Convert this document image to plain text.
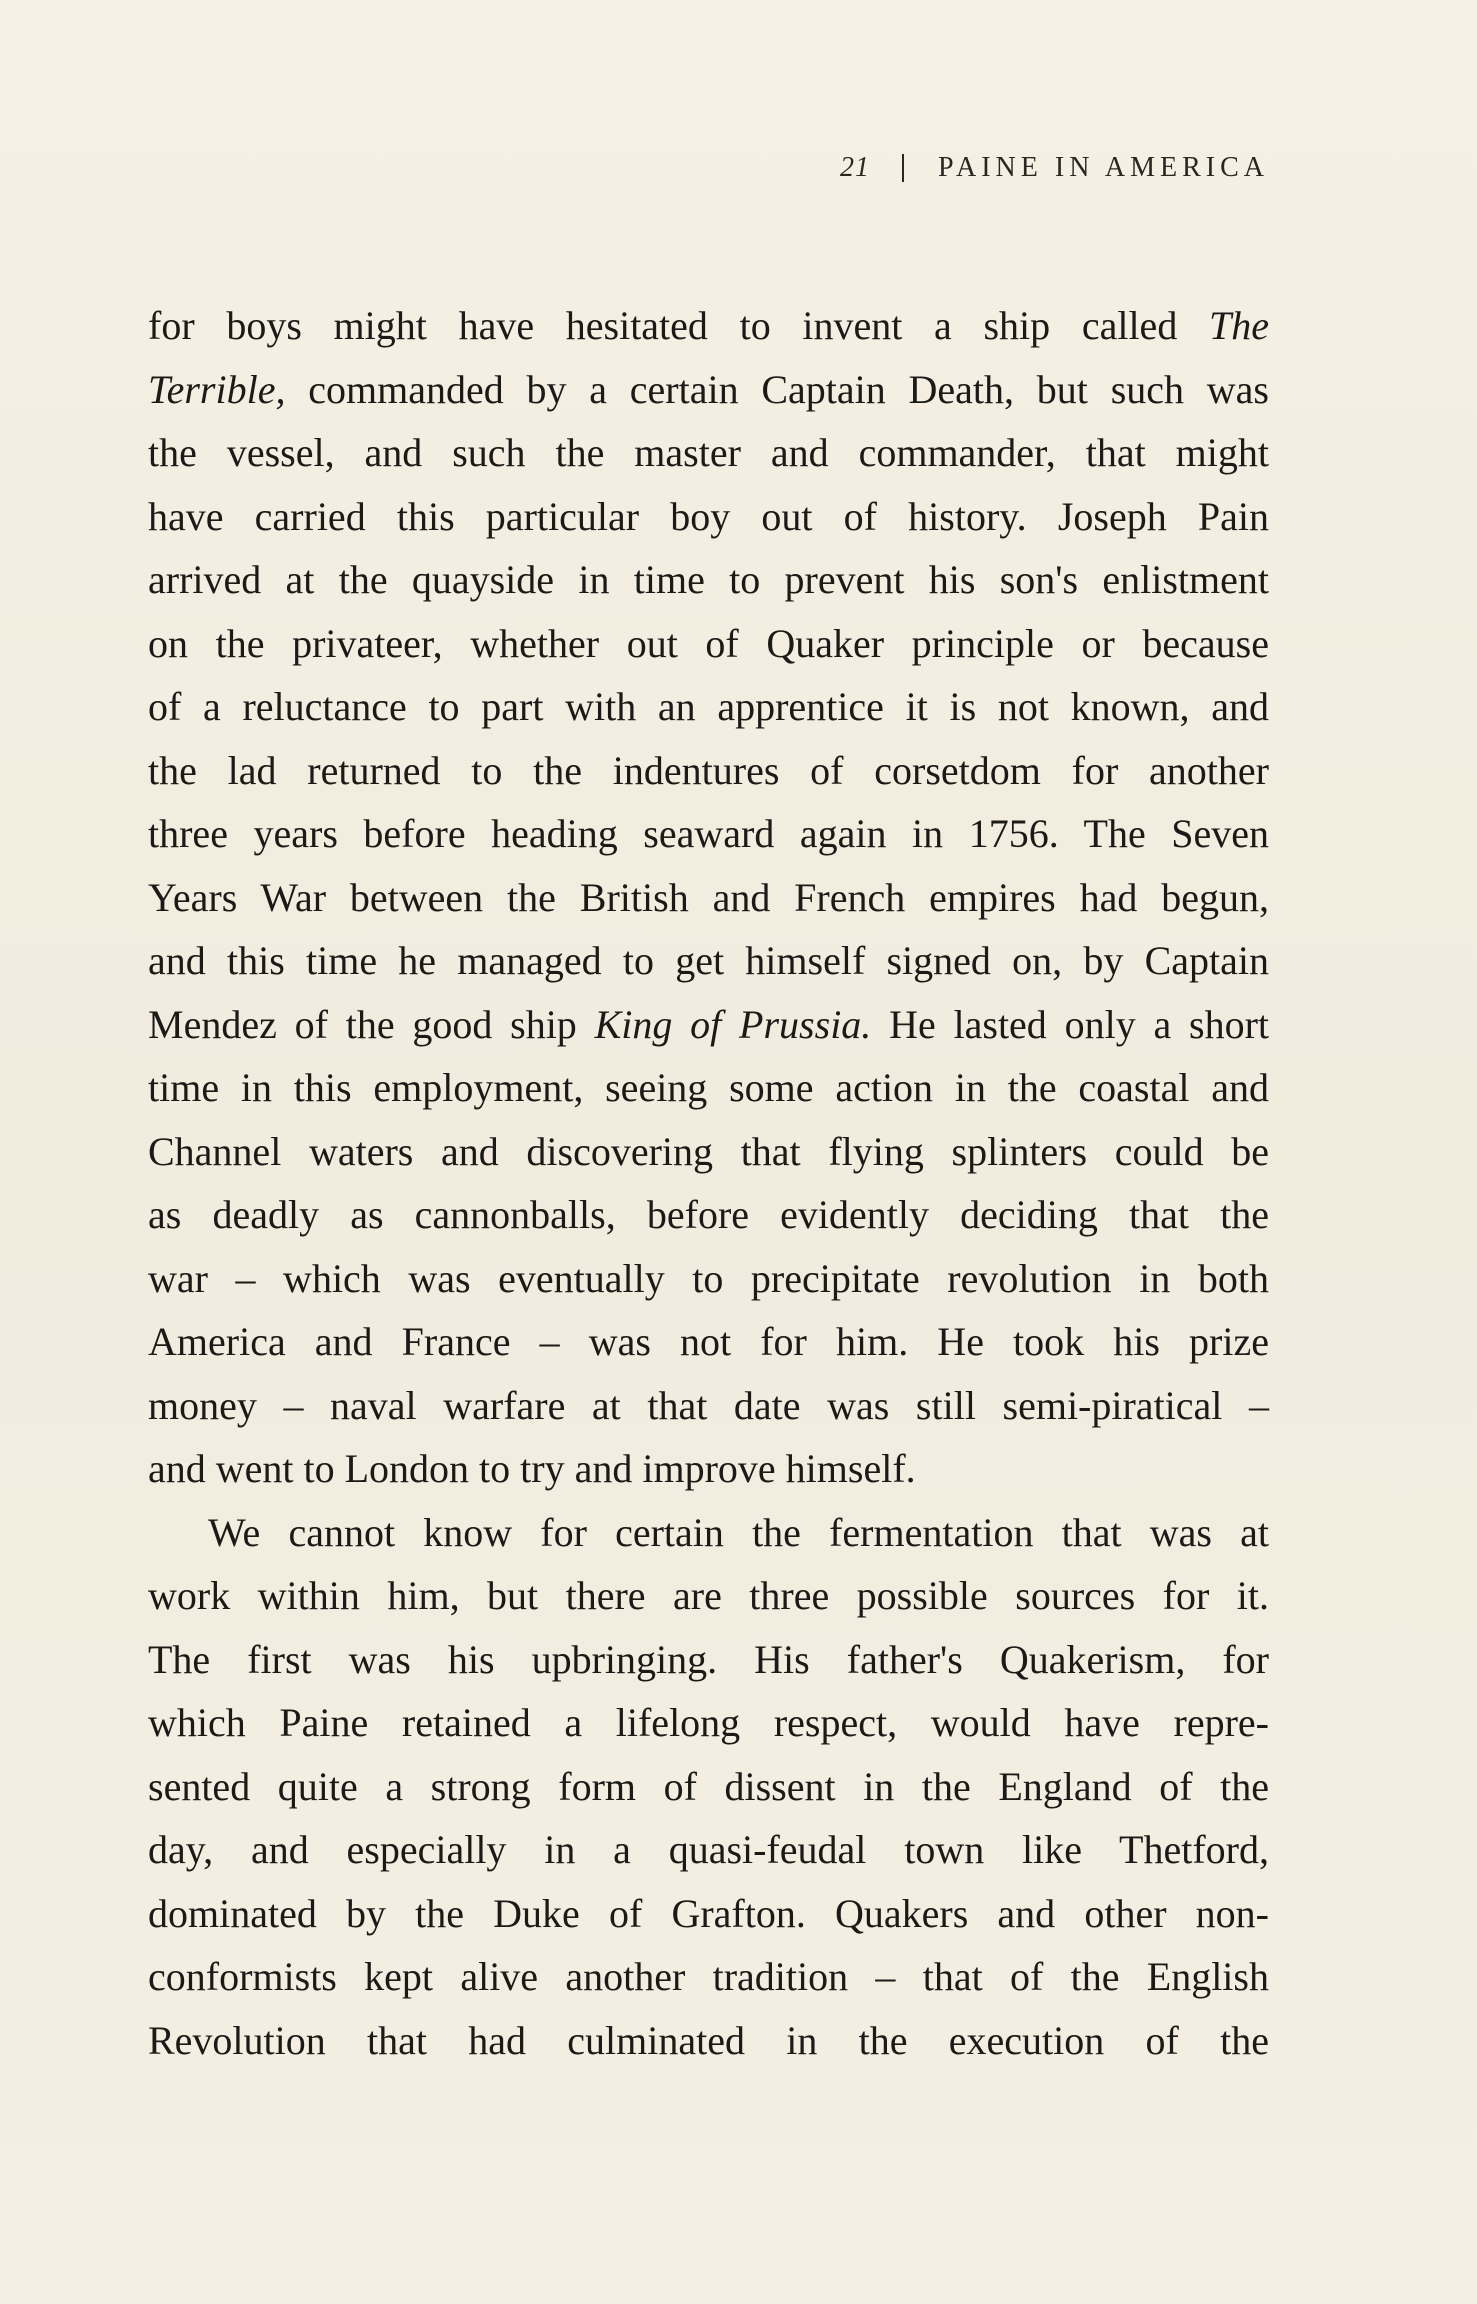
21 PAINE IN AMERICA

for boys might have hesitated to invent a ship called The
Terrible, commanded by a certain Captain Death, but such was
the vessel, and such the master and commander, that might
have carried this particular boy out of history. Joseph Pain
arrived at the quayside in time to prevent his son's enlistment
on the privateer, whether out of Quaker principle or because
of a reluctance to part with an apprentice it is not known, and
the lad returned to the indentures of corsetdom for another
three years before heading seaward again in 1756. The Seven
Years War between the British and French empires had begun,
and this time he managed to get himself signed on, by Captain
Mendez of the good ship King of Prussia. He lasted only a short
time in this employment, seeing some action in the coastal and
Channel waters and discovering that flying splinters could be
as deadly as cannonballs, before evidently deciding that the
war – which was eventually to precipitate revolution in both
America and France – was not for him. He took his prize
money – naval warfare at that date was still semi-piratical –
and went to London to try and improve himself.

We cannot know for certain the fermentation that was at
work within him, but there are three possible sources for it.
The first was his upbringing. His father's Quakerism, for
which Paine retained a lifelong respect, would have repre-
sented quite a strong form of dissent in the England of the
day, and especially in a quasi-feudal town like Thetford,
dominated by the Duke of Grafton. Quakers and other non-
conformists kept alive another tradition – that of the English
Revolution that had culminated in the execution of the
